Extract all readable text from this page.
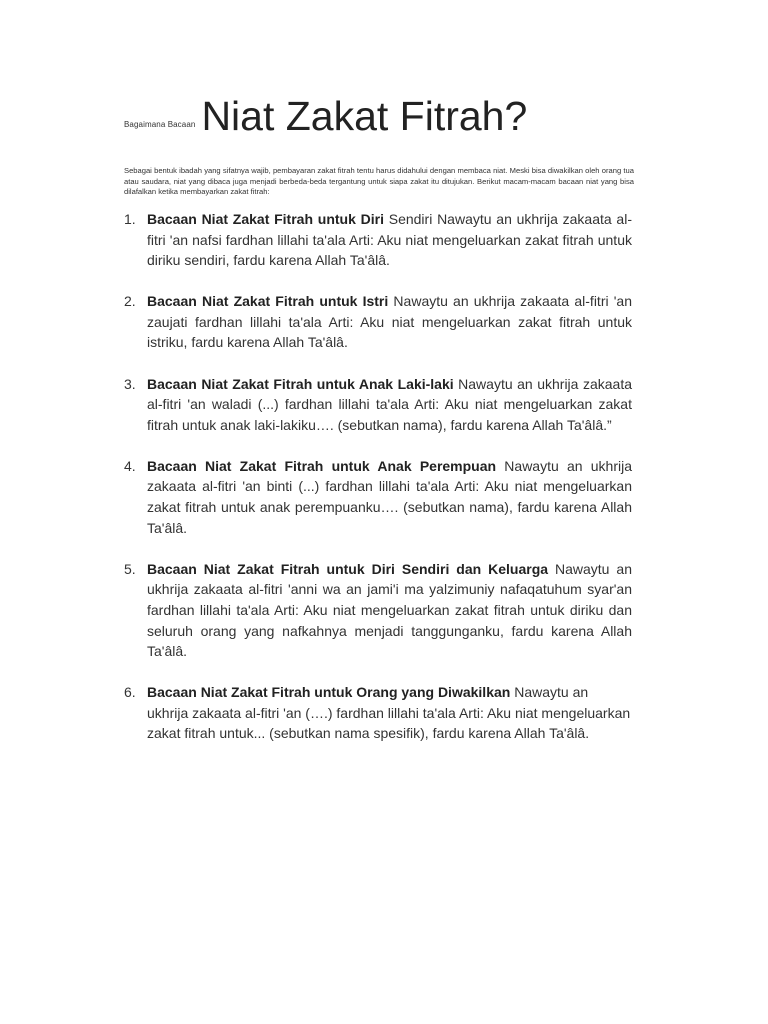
Bagaimana Bacaan Niat Zakat Fitrah?
Sebagai bentuk ibadah yang sifatnya wajib, pembayaran zakat fitrah tentu harus didahului dengan membaca niat. Meski bisa diwakilkan oleh orang tua atau saudara, niat yang dibaca juga menjadi berbeda-beda tergantung untuk siapa zakat itu ditujukan. Berikut macam-macam bacaan niat yang bisa dilafalkan ketika membayarkan zakat fitrah:
1. Bacaan Niat Zakat Fitrah untuk Diri Sendiri Nawaytu an ukhrija zakaata al-fitri 'an nafsi fardhan lillahi ta'ala Arti: Aku niat mengeluarkan zakat fitrah untuk diriku sendiri, fardu karena Allah Ta'âlâ.
2. Bacaan Niat Zakat Fitrah untuk Istri Nawaytu an ukhrija zakaata al-fitri 'an zaujati fardhan lillahi ta'ala Arti: Aku niat mengeluarkan zakat fitrah untuk istriku, fardu karena Allah Ta'âlâ.
3. Bacaan Niat Zakat Fitrah untuk Anak Laki-laki Nawaytu an ukhrija zakaata al-fitri 'an waladi (...) fardhan lillahi ta'ala Arti: Aku niat mengeluarkan zakat fitrah untuk anak laki-lakiku…. (sebutkan nama), fardu karena Allah Ta'âlâ.”
4. Bacaan Niat Zakat Fitrah untuk Anak Perempuan Nawaytu an ukhrija zakaata al-fitri 'an binti (...) fardhan lillahi ta'ala Arti: Aku niat mengeluarkan zakat fitrah untuk anak perempuanku…. (sebutkan nama), fardu karena Allah Ta'âlâ.
5. Bacaan Niat Zakat Fitrah untuk Diri Sendiri dan Keluarga Nawaytu an ukhrija zakaata al-fitri 'anni wa an jami'i ma yalzimuniy nafaqatuhum syar'an fardhan lillahi ta'ala Arti: Aku niat mengeluarkan zakat fitrah untuk diriku dan seluruh orang yang nafkahnya menjadi tanggunganku, fardu karena Allah Ta'âlâ.
6. Bacaan Niat Zakat Fitrah untuk Orang yang Diwakilkan Nawaytu an ukhrija zakaata al-fitri 'an (….) fardhan lillahi ta'ala Arti: Aku niat mengeluarkan zakat fitrah untuk... (sebutkan nama spesifik), fardu karena Allah Ta'âlâ.
